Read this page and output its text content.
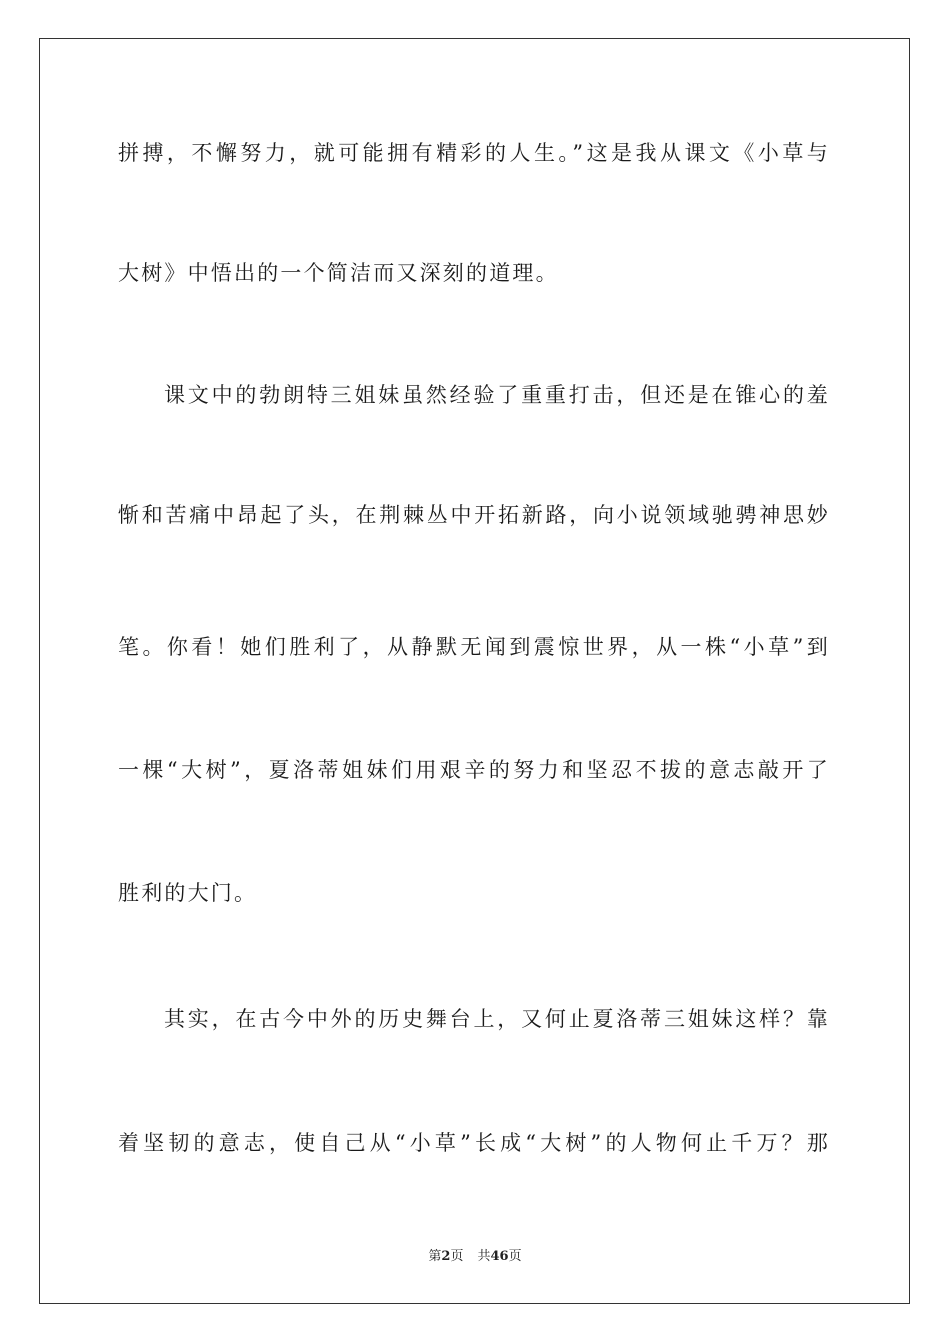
拼搏，不懈努力，就可能拥有精彩的人生。”这是我从课文《小草与
大树》中悟出的一个简洁而又深刻的道理。
课文中的勃朗特三姐妹虽然经验了重重打击，但还是在锥心的羞
惭和苦痛中昂起了头，在荆棘丛中开拓新路，向小说领域驰骋神思妙
笔。你看！她们胜利了，从静默无闻到震惊世界，从一株“小草”到
一棵“大树”，夏洛蒂姐妹们用艰辛的努力和坚忍不拔的意志敲开了
胜利的大门。
其实，在古今中外的历史舞台上，又何止夏洛蒂三姐妹这样？靠
着坚韧的意志，使自己从“小草”长成“大树”的人物何止千万？那
第2页 共46页
